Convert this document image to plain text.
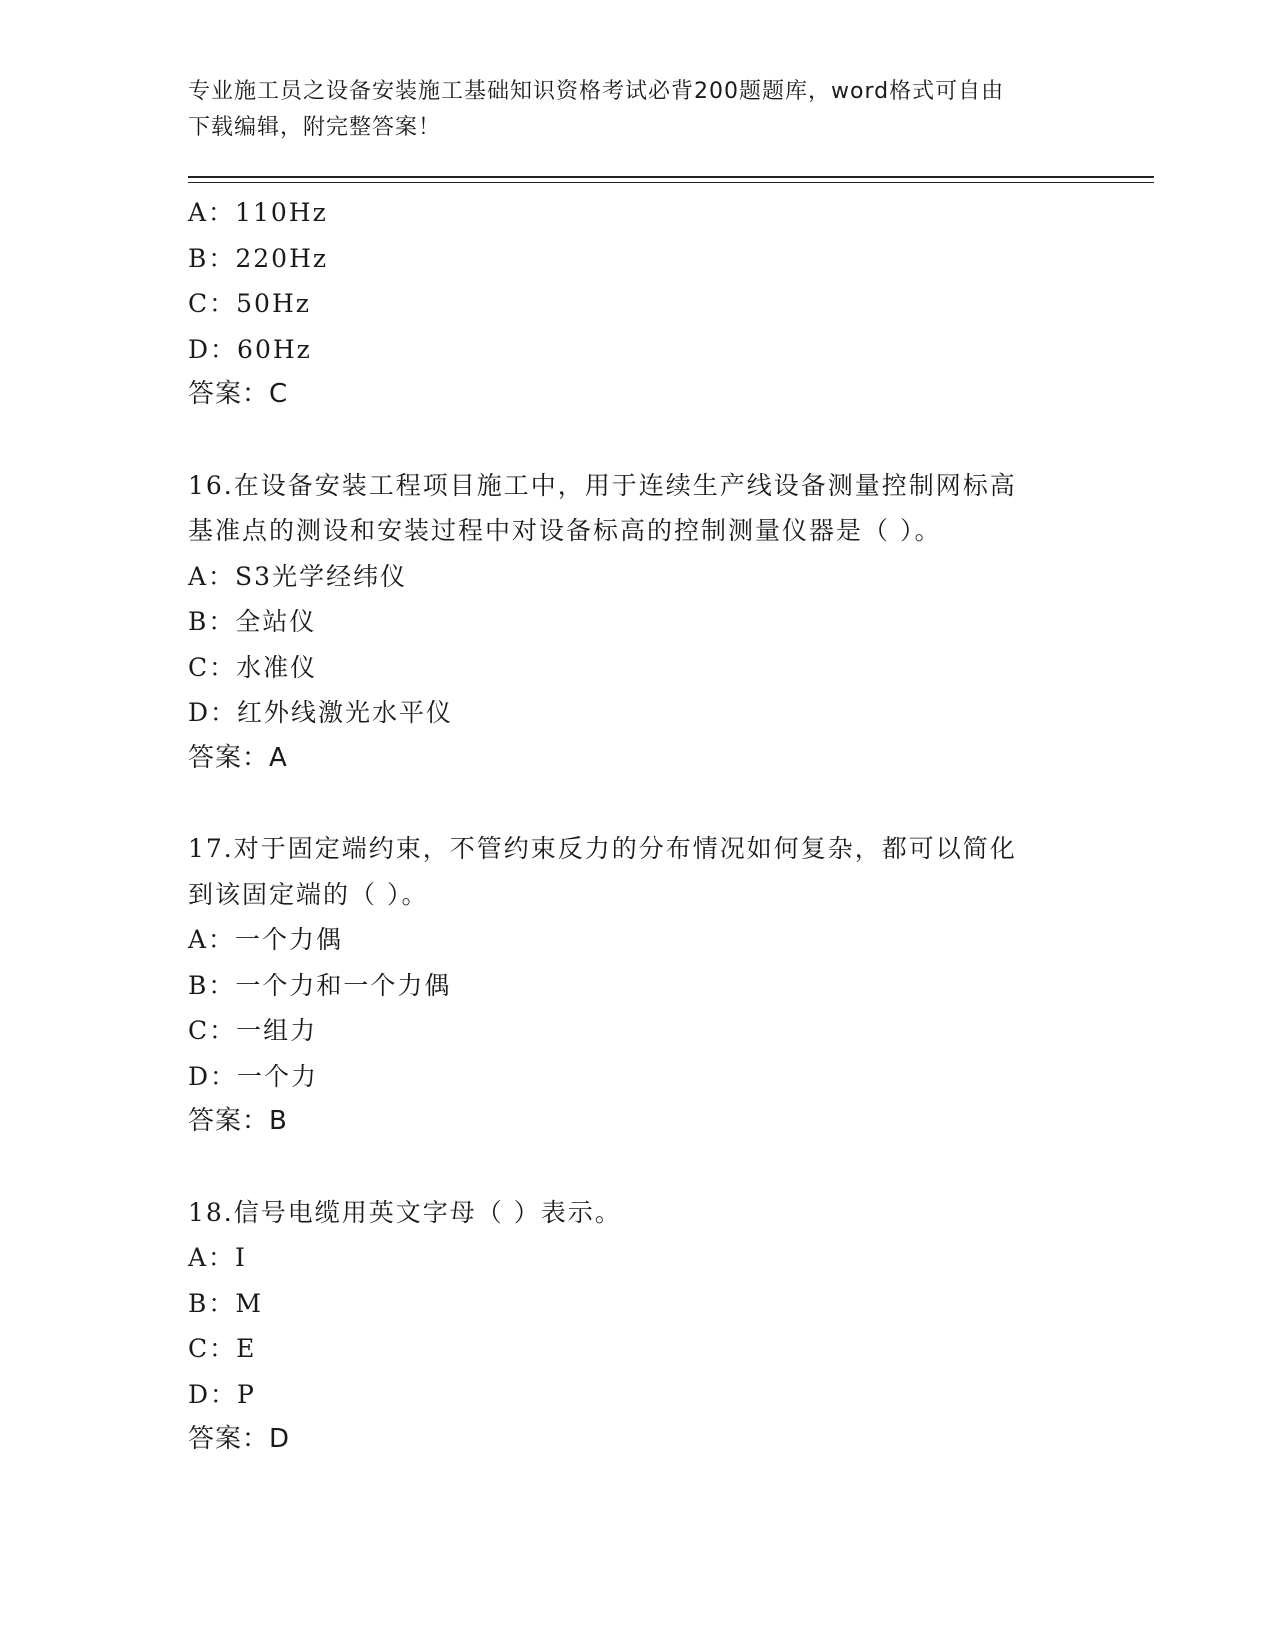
专业施工员之设备安装施工基础知识资格考试必背200题题库，word格式可自由
下载编辑，附完整答案！
A：110Hz
B：220Hz
C：50Hz
D：60Hz
答案：C
16.在设备安装工程项目施工中，用于连续生产线设备测量控制网标高
基准点的测设和安装过程中对设备标高的控制测量仪器是（ ）。
A：S3光学经纬仪
B：全站仪
C：水准仪
D：红外线激光水平仪
答案：A
17.对于固定端约束，不管约束反力的分布情况如何复杂，都可以简化
到该固定端的（ ）。
A：一个力偶
B：一个力和一个力偶
C：一组力
D：一个力
答案：B
18.信号电缆用英文字母（ ）表示。
A：I
B：M
C：E
D：P
答案：D
